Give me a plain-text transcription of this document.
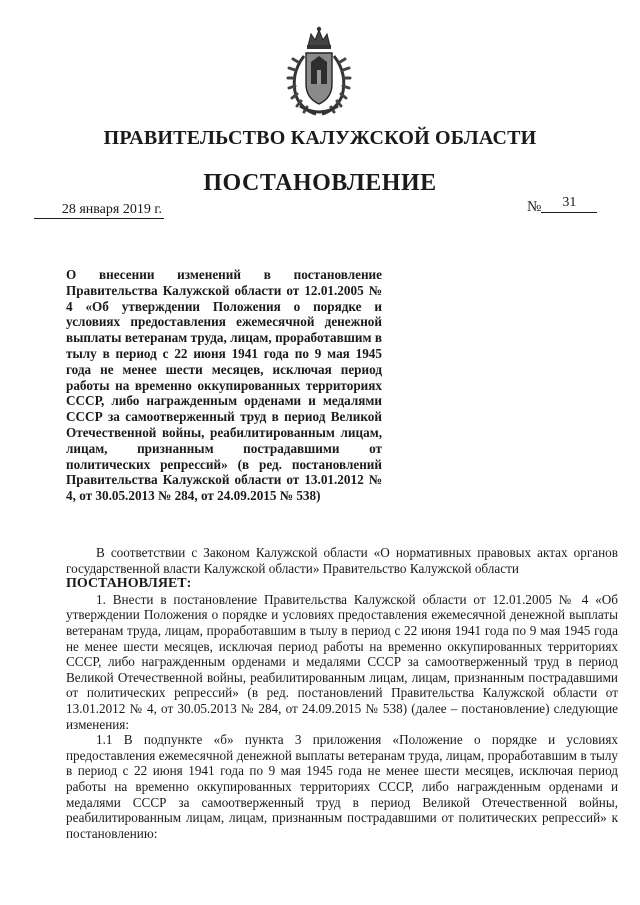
ПРАВИТЕЛЬСТВО КАЛУЖСКОЙ ОБЛАСТИ
ПОСТАНОВЛЕНИЕ
28 января 2019 г.	№ 31
О внесении изменений в постановление Правительства Калужской области от 12.01.2005 № 4 «Об утверждении Положения о порядке и условиях предоставления ежемесячной денежной выплаты ветеранам труда, лицам, проработавшим в тылу в период с 22 июня 1941 года по 9 мая 1945 года не менее шести месяцев, исключая период работы на временно оккупированных территориях СССР, либо награжденным орденами и медалями СССР за самоотверженный труд в период Великой Отечественной войны, реабилитированным лицам, лицам, признанным пострадавшими от политических репрессий» (в ред. постановлений Правительства Калужской области от 13.01.2012 № 4, от 30.05.2013 № 284, от 24.09.2015 № 538)

В соответствии с Законом Калужской области «О нормативных правовых актах органов государственной власти Калужской области» Правительство Калужской области

ПОСТАНОВЛЯЕТ:

1. Внести в постановление Правительства Калужской области от 12.01.2005 № 4 «Об утверждении Положения о порядке и условиях предоставления ежемесячной денежной выплаты ветеранам труда, лицам, проработавшим в тылу в период с 22 июня 1941 года по 9 мая 1945 года не менее шести месяцев, исключая период работы на временно оккупированных территориях СССР, либо награжденным орденами и медалями СССР за самоотверженный труд в период Великой Отечественной войны, реабилитированным лицам, лицам, признанным пострадавшими от политических репрессий» (в ред. постановлений Правительства Калужской области от 13.01.2012 № 4, от 30.05.2013 № 284, от 24.09.2015 № 538) (далее – постановление) следующие изменения:

1.1 В подпункте «б» пункта 3 приложения «Положение о порядке и условиях предоставления ежемесячной денежной выплаты ветеранам труда, лицам, проработавшим в тылу в период с 22 июня 1941 года по 9 мая 1945 года не менее шести месяцев, исключая период работы на временно оккупированных территориях СССР, либо награжденным орденами и медалями СССР за самоотверженный труд в период Великой Отечественной войны, реабилитированным лицам, лицам, признанным пострадавшими от политических репрессий» к постановлению:
